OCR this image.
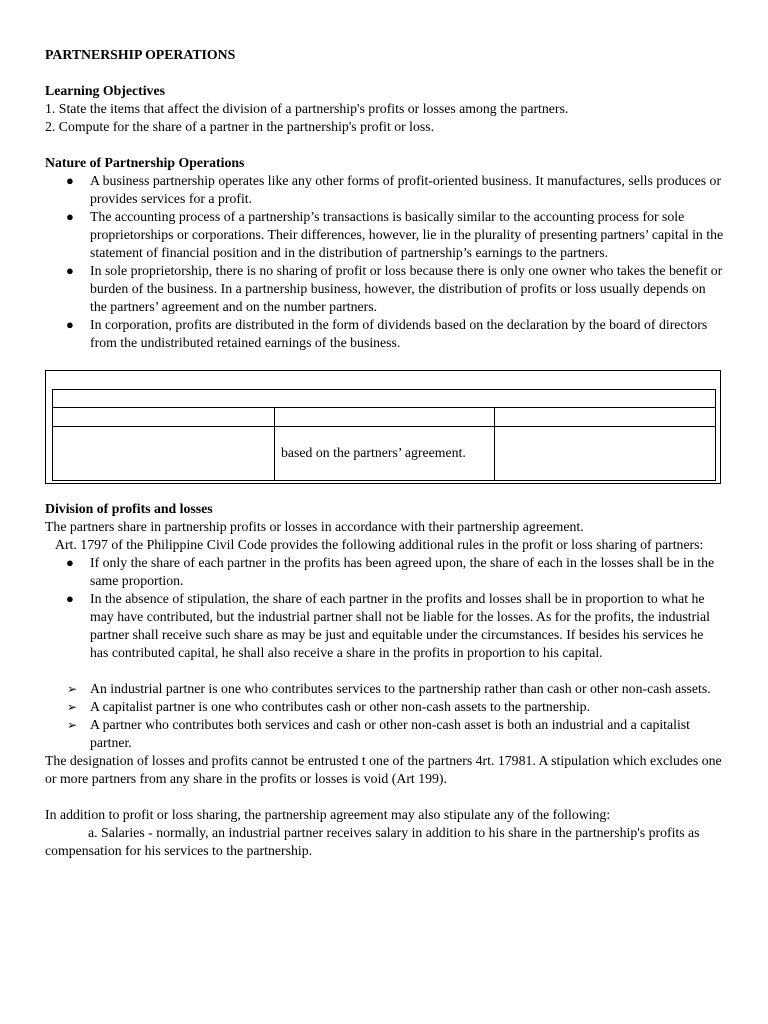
PARTNERSHIP OPERATIONS

Learning Objectives

1. State the items that affect the division of a partnership's profits or losses among the partners.

2. Compute for the share of a partner in the partnership's profit or loss.

Nature of Partnership Operations

● A business partnership operates like any other forms of profit-oriented business. It manufactures, sells produces or provides services for a profit.
● The accounting process of a partnership’s transactions is basically similar to the accounting process for sole proprietorships or corporations. Their differences, however, lie in the plurality of presenting partners’ capital in the statement of financial position and in the distribution of partnership’s earnings to the partners.
● In sole proprietorship, there is no sharing of profit or loss because there is only one owner who takes the benefit or burden of the business. In a partnership business, however, the distribution of profits or loss usually depends on the partners’ agreement and on the number partners.
● In corporation, profits are distributed in the form of dividends based on the declaration by the board of directors from the undistributed retained earnings of the business.
based on the partners’ agreement.

Division of profits and losses

The partners share in partnership profits or losses in accordance with their partnership agreement.

Art. 1797 of the Philippine Civil Code provides the following additional rules in the profit or loss sharing of partners:

● If only the share of each partner in the profits has been agreed upon, the share of each in the losses shall be in the same proportion.
● In the absence of stipulation, the share of each partner in the profits and losses shall be in proportion to what he may have contributed, but the industrial partner shall not be liable for the losses. As for the profits, the industrial partner shall receive such share as may be just and equitable under the circumstances. If besides his services he has contributed capital, he shall also receive a share in the profits in proportion to his capital.
➢ An industrial partner is one who contributes services to the partnership rather than cash or other non-cash assets.
➢ A capitalist partner is one who contributes cash or other non-cash assets to the partnership.
➢ A partner who contributes both services and cash or other non-cash asset is both an industrial and a capitalist partner.

The designation of losses and profits cannot be entrusted t one of the partners 4rt. 17981. A stipulation which excludes one or more partners from any share in the profits or losses is void (Art 199).

In addition to profit or loss sharing, the partnership agreement may also stipulate any of the following:

a. Salaries - normally, an industrial partner receives salary in addition to his share in the partnership's profits as compensation for his services to the partnership.
